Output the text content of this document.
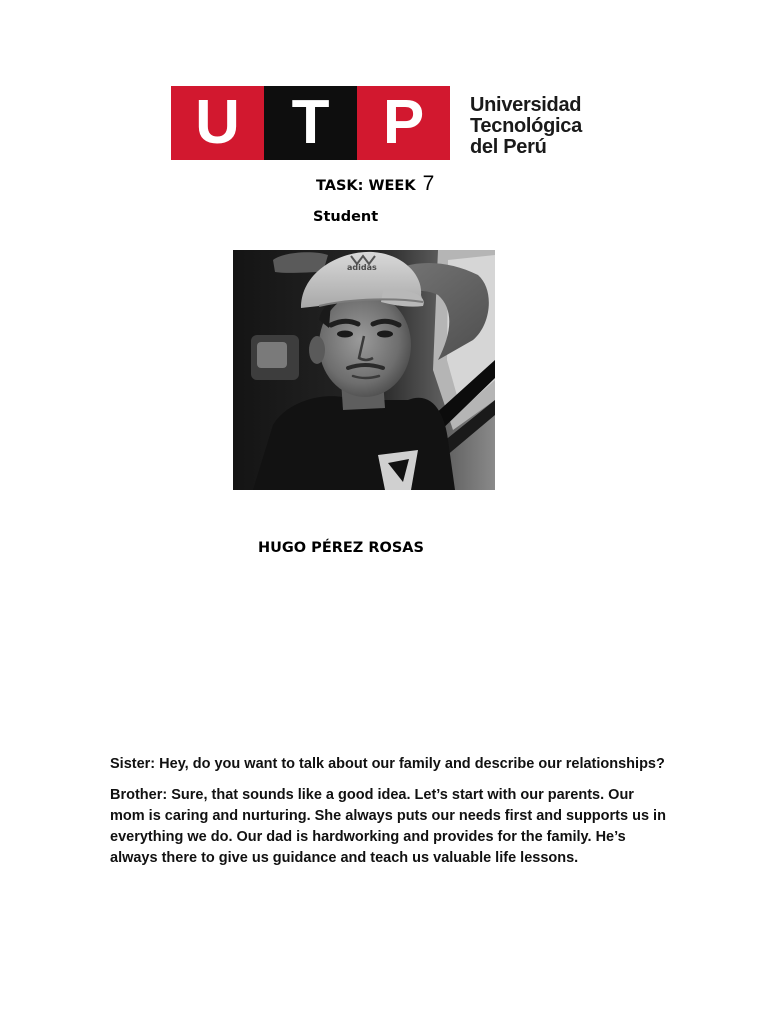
U T P	Universidad
Tecnológica
del Perú
TASK: WEEK 7
Student
adidas
HUGO PÉREZ ROSAS

Sister: Hey, do you want to talk about our family and describe our relationships?

Brother: Sure, that sounds like a good idea. Let’s start with our parents. Our mom is caring and nurturing. She always puts our needs first and supports us in everything we do. Our dad is hardworking and provides for the family. He’s always there to give us guidance and teach us valuable life lessons.
